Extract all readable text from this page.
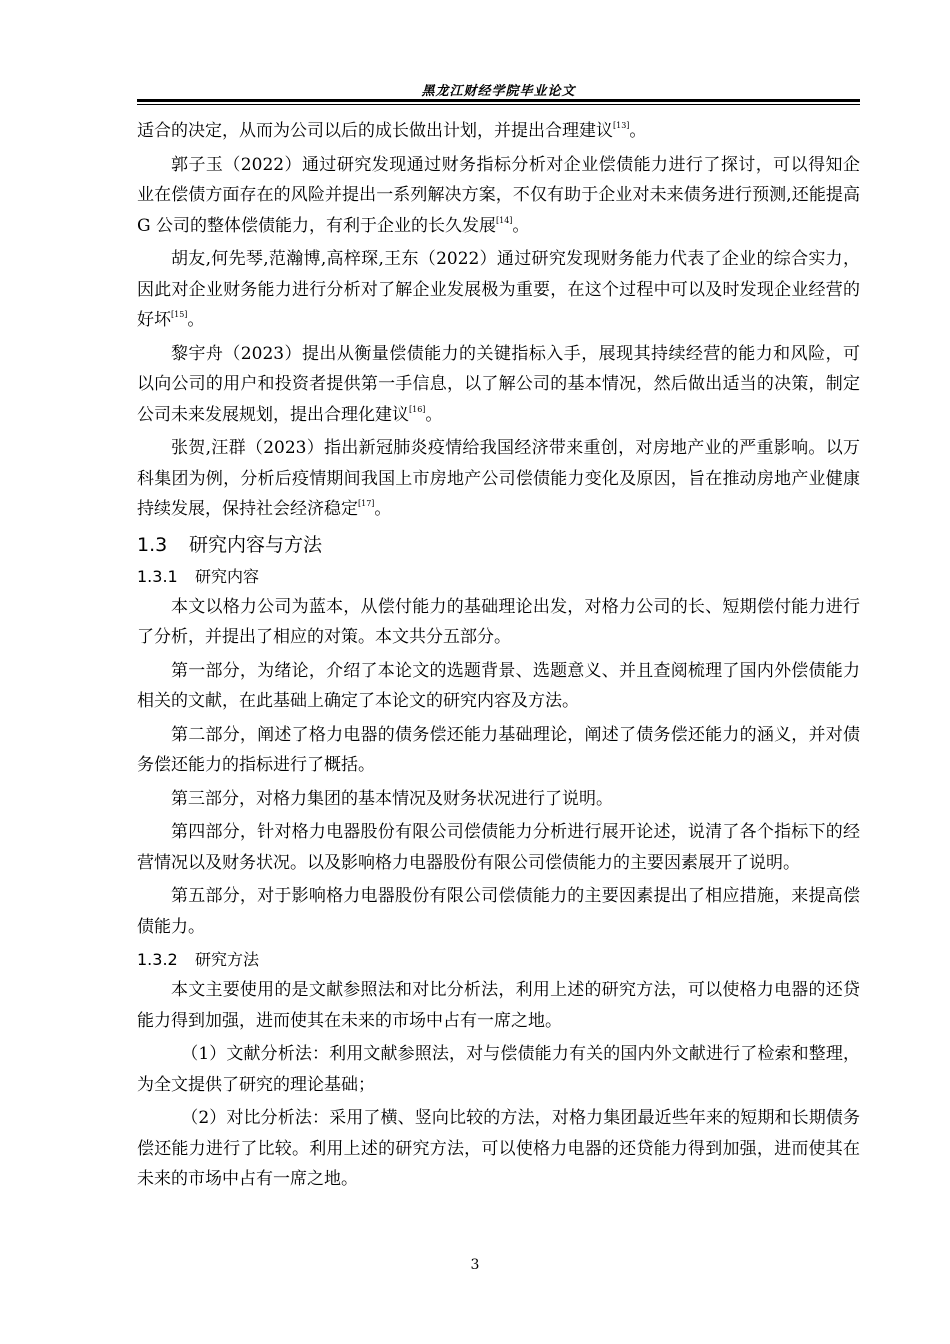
黑龙江财经学院毕业论文

适合的决定，从而为公司以后的成长做出计划，并提出合理建议[13]。

郭子玉（2022）通过研究发现通过财务指标分析对企业偿债能力进行了探讨，可以得知企业在偿债方面存在的风险并提出一系列解决方案，不仅有助于企业对未来债务进行预测,还能提高 G 公司的整体偿债能力，有利于企业的长久发展[14]。

胡友,何先琴,范瀚博,高梓琛,王东（2022）通过研究发现财务能力代表了企业的综合实力，因此对企业财务能力进行分析对了解企业发展极为重要，在这个过程中可以及时发现企业经营的好坏[15]。

黎宇舟（2023）提出从衡量偿债能力的关键指标入手，展现其持续经营的能力和风险，可以向公司的用户和投资者提供第一手信息，以了解公司的基本情况，然后做出适当的决策，制定公司未来发展规划，提出合理化建议[16]。

张贺,汪群（2023）指出新冠肺炎疫情给我国经济带来重创，对房地产业的严重影响。以万科集团为例，分析后疫情期间我国上市房地产公司偿债能力变化及原因，旨在推动房地产业健康持续发展，保持社会经济稳定[17]。

1.3 研究内容与方法
1.3.1 研究内容

本文以格力公司为蓝本，从偿付能力的基础理论出发，对格力公司的长、短期偿付能力进行了分析，并提出了相应的对策。本文共分五部分。

第一部分，为绪论，介绍了本论文的选题背景、选题意义、并且查阅梳理了国内外偿债能力相关的文献，在此基础上确定了本论文的研究内容及方法。

第二部分，阐述了格力电器的债务偿还能力基础理论，阐述了债务偿还能力的涵义，并对债务偿还能力的指标进行了概括。

第三部分，对格力集团的基本情况及财务状况进行了说明。

第四部分，针对格力电器股份有限公司偿债能力分析进行展开论述，说清了各个指标下的经营情况以及财务状况。以及影响格力电器股份有限公司偿债能力的主要因素展开了说明。

第五部分，对于影响格力电器股份有限公司偿债能力的主要因素提出了相应措施，来提高偿债能力。

1.3.2 研究方法

本文主要使用的是文献参照法和对比分析法，利用上述的研究方法，可以使格力电器的还贷能力得到加强，进而使其在未来的市场中占有一席之地。

（1）文献分析法：利用文献参照法，对与偿债能力有关的国内外文献进行了检索和整理，为全文提供了研究的理论基础；

（2）对比分析法：采用了横、竖向比较的方法，对格力集团最近些年来的短期和长期债务偿还能力进行了比较。利用上述的研究方法，可以使格力电器的还贷能力得到加强，进而使其在未来的市场中占有一席之地。

3
